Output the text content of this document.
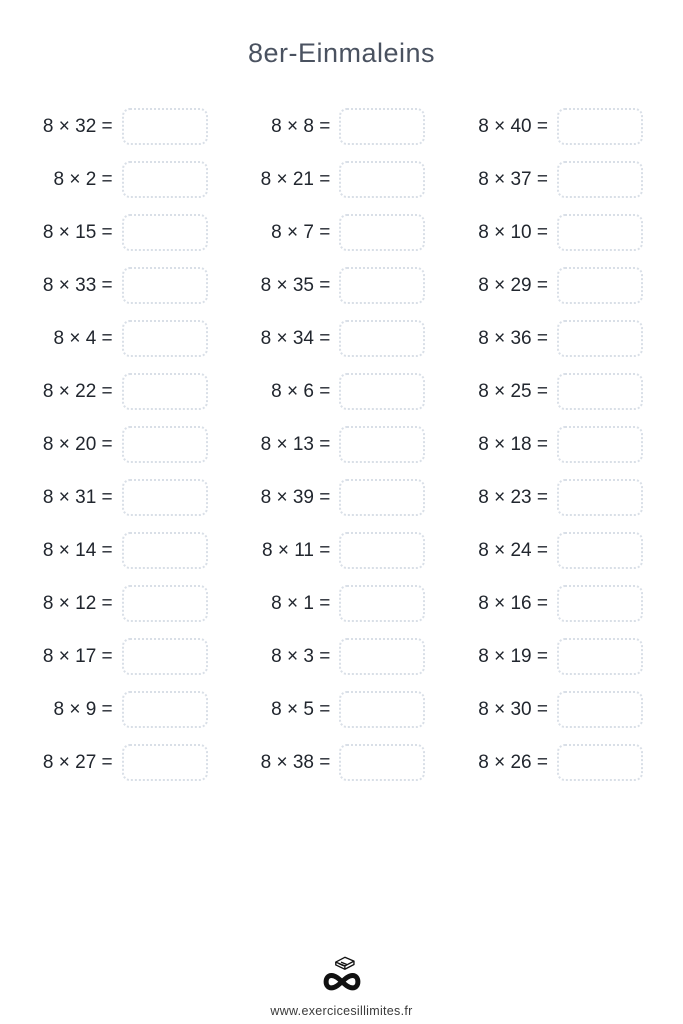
8er-Einmaleins
8 × 32 =	8 × 8 =	8 × 40 =
8 × 2 =	8 × 21 =	8 × 37 =
8 × 15 =	8 × 7 =	8 × 10 =
8 × 33 =	8 × 35 =	8 × 29 =
8 × 4 =	8 × 34 =	8 × 36 =
8 × 22 =	8 × 6 =	8 × 25 =
8 × 20 =	8 × 13 =	8 × 18 =
8 × 31 =	8 × 39 =	8 × 23 =
8 × 14 =	8 × 11 =	8 × 24 =
8 × 12 =	8 × 1 =	8 × 16 =
8 × 17 =	8 × 3 =	8 × 19 =
8 × 9 =	8 × 5 =	8 × 30 =
8 × 27 =	8 × 38 =	8 × 26 =
www.exercicesillimites.fr
